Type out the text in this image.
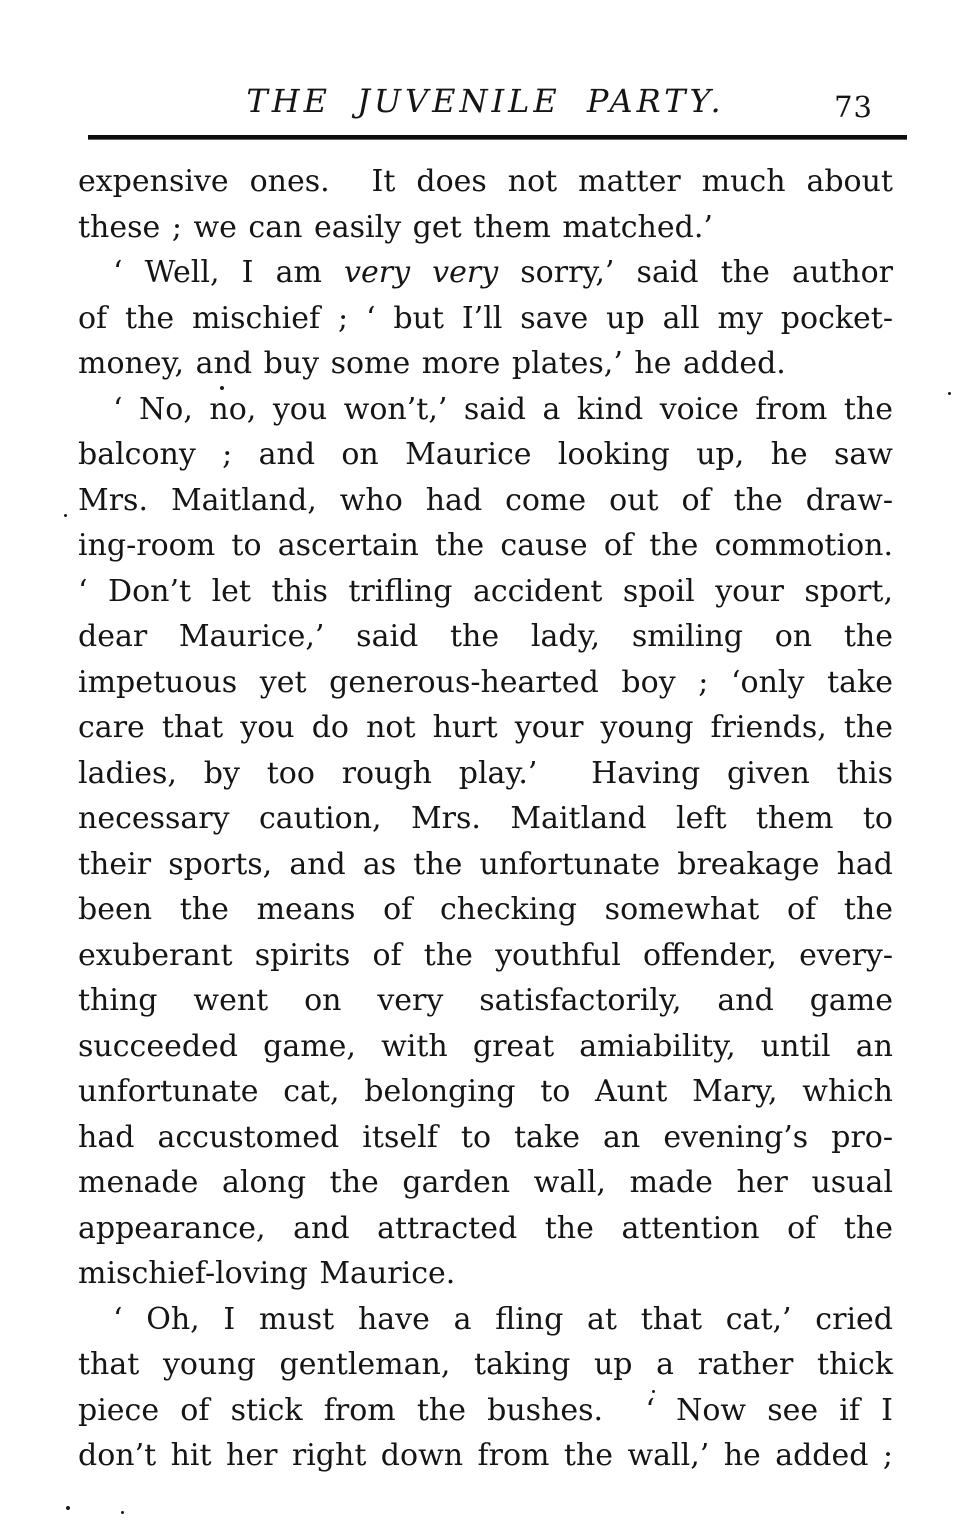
THE JUVENILE PARTY.	73
expensive ones.  It does not matter much about
these ; we can easily get them matched.’
‘ Well, I am very very sorry,’ said the author
of the mischief ; ‘ but I’ll save up all my pocket-
money, and buy some more plates,’ he added.
‘ No, no, you won’t,’ said a kind voice from the
balcony ; and on Maurice looking up, he saw
Mrs. Maitland, who had come out of the draw-
ing-room to ascertain the cause of the commotion.
‘ Don’t let this trifling accident spoil your sport,
dear Maurice,’ said the lady, smiling on the
impetuous yet generous-hearted boy ; ‘only take
care that you do not hurt your young friends, the
ladies, by too rough play.’  Having given this
necessary caution, Mrs. Maitland left them to
their sports, and as the unfortunate breakage had
been the means of checking somewhat of the
exuberant spirits of the youthful offender, every-
thing went on very satisfactorily, and game
succeeded game, with great amiability, until an
unfortunate cat, belonging to Aunt Mary, which
had accustomed itself to take an evening’s pro-
menade along the garden wall, made her usual
appearance, and attracted the attention of the
mischief-loving Maurice.
‘ Oh, I must have a fling at that cat,’ cried
that young gentleman, taking up a rather thick
piece of stick from the bushes.  ‘ Now see if I
don’t hit her right down from the wall,’ he added ;
